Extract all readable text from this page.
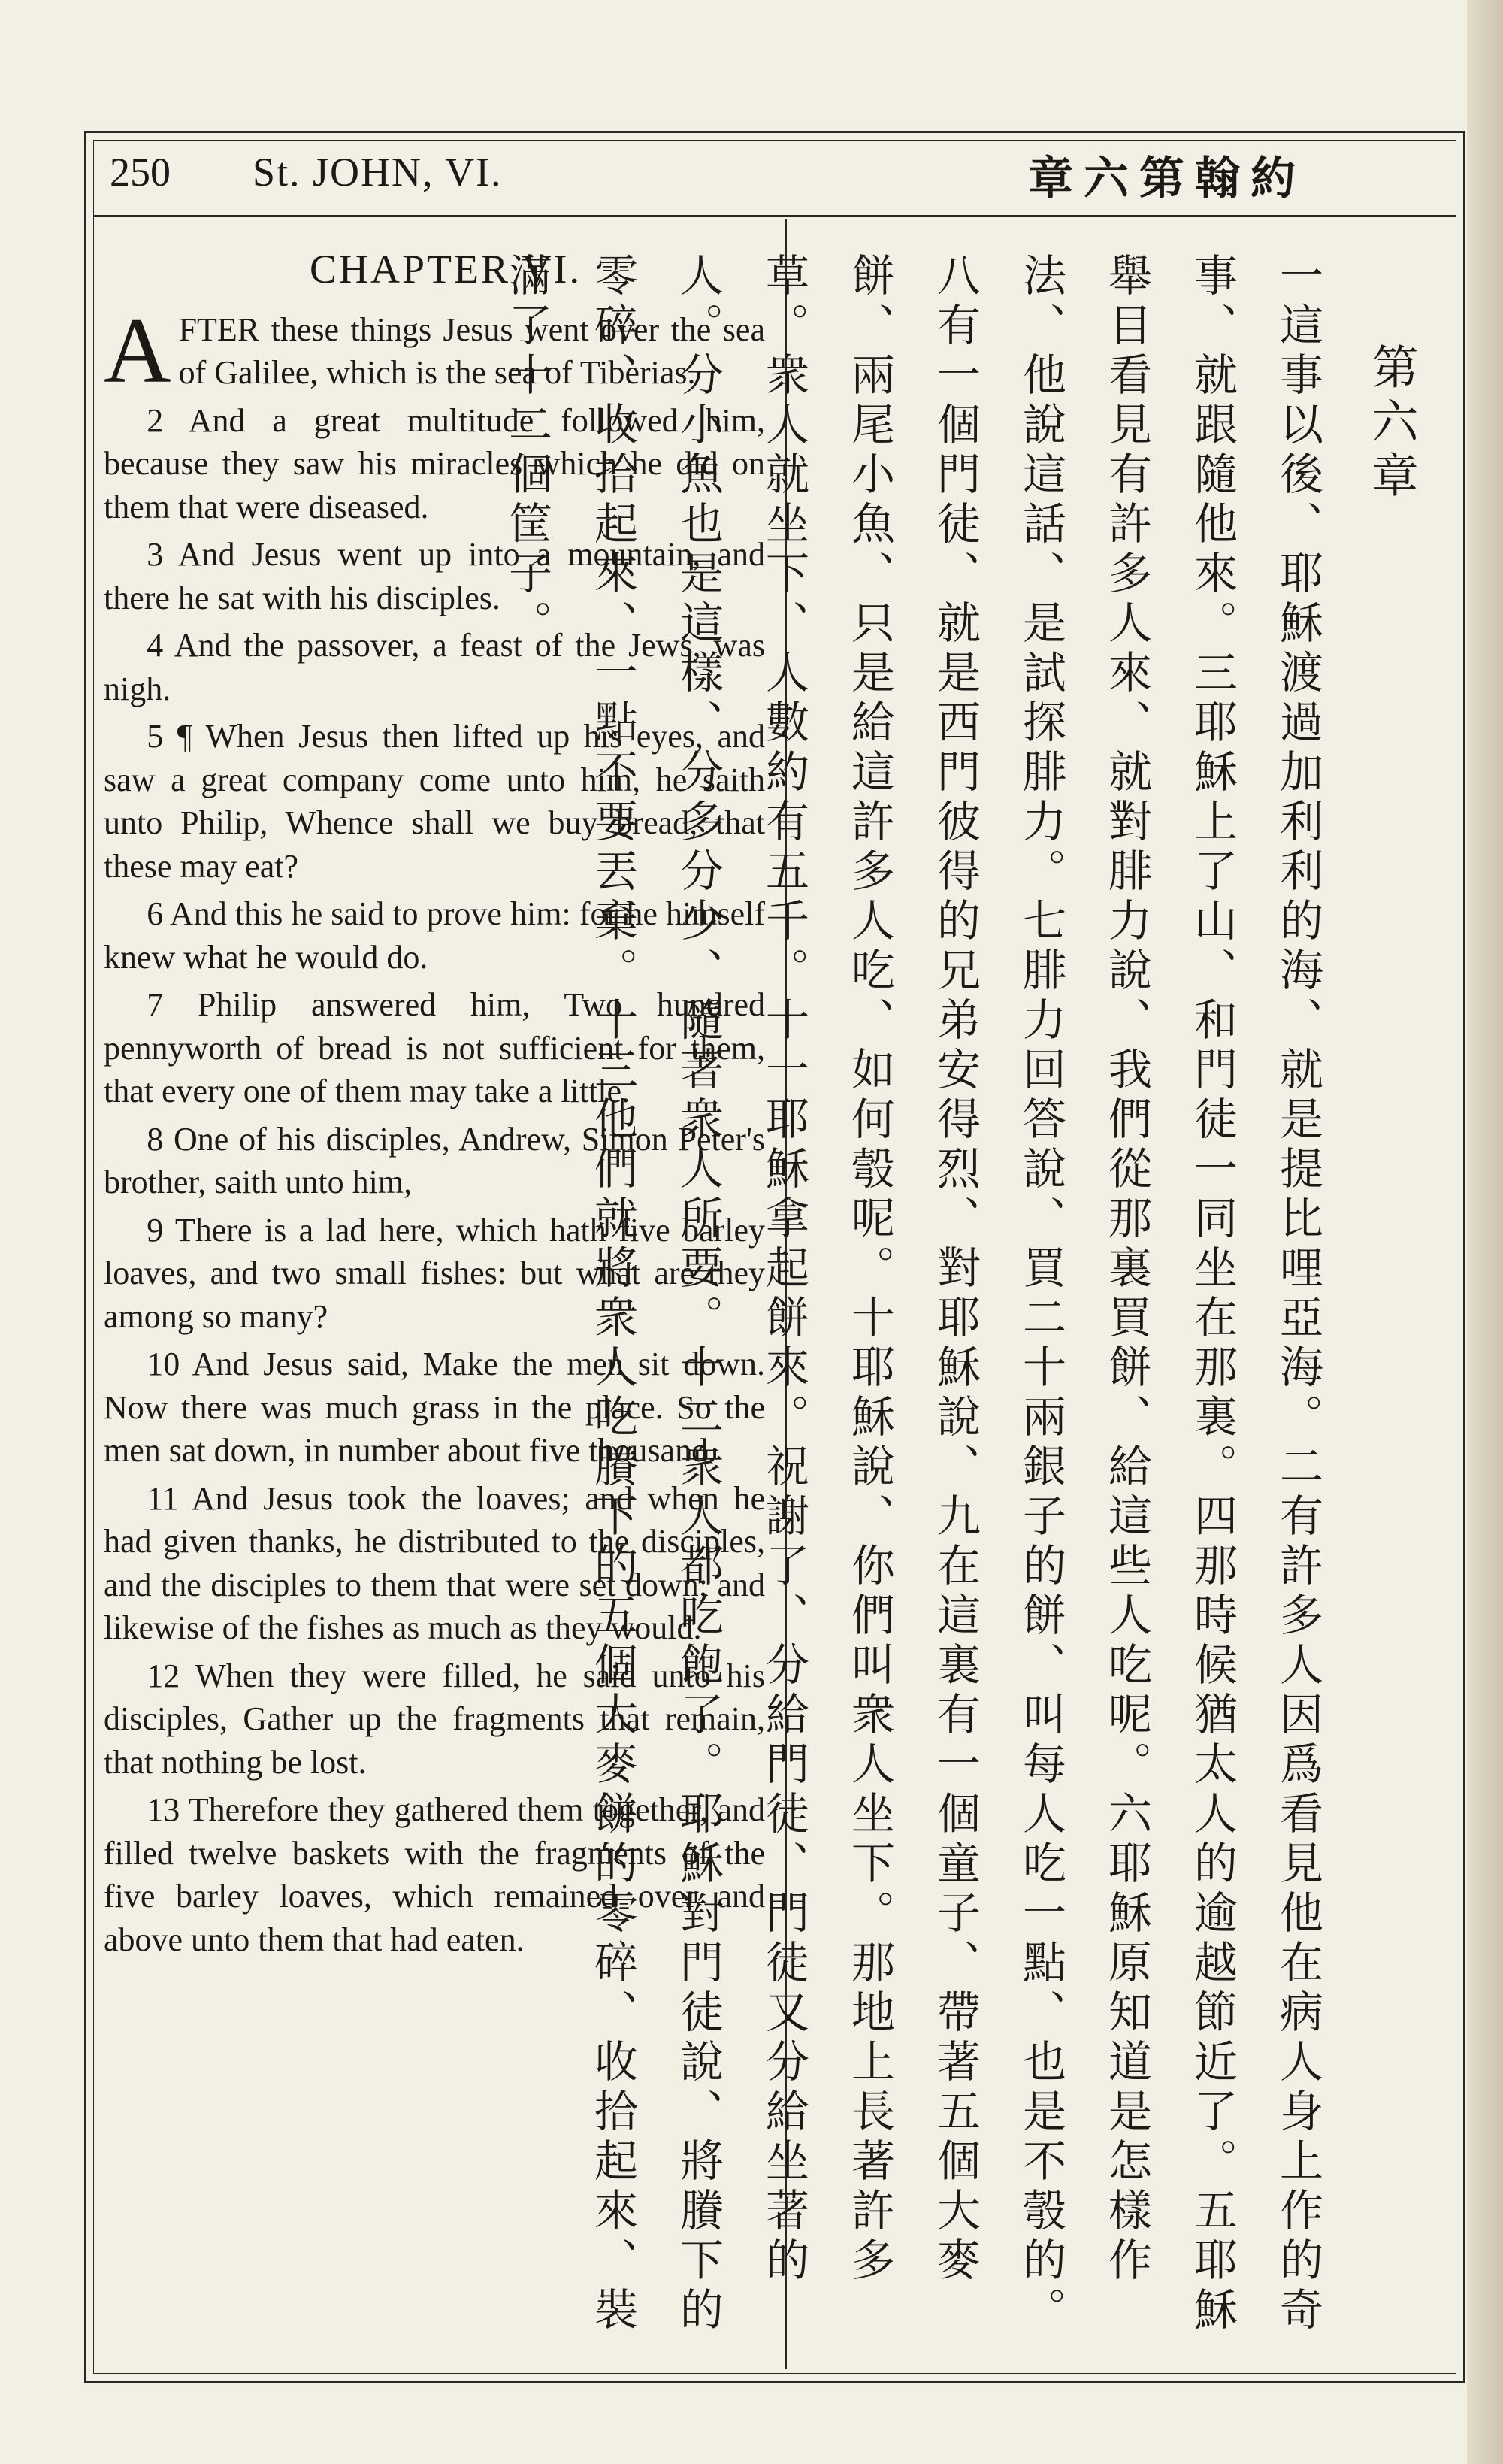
250 St. JOHN, VI.	約翰第六章
CHAPTER VI.

AFTER these things Jesus went over the sea of Galilee, which is the sea of Tiberias.

2 And a great multitude followed him, because they saw his miracles which he did on them that were diseased.

3 And Jesus went up into a mountain, and there he sat with his disciples.

4 And the passover, a feast of the Jews, was nigh.

5 ¶ When Jesus then lifted up his eyes, and saw a great company come unto him, he saith unto Philip, Whence shall we buy bread, that these may eat?

6 And this he said to prove him: for he himself knew what he would do.

7 Philip answered him, Two hundred pennyworth of bread is not sufficient for them, that every one of them may take a little.

8 One of his disciples, Andrew, Simon Peter's brother, saith unto him,

9 There is a lad here, which hath five barley loaves, and two small fishes: but what are they among so many?

10 And Jesus said, Make the men sit down. Now there was much grass in the place. So the men sat down, in number about five thousand.

11 And Jesus took the loaves; and when he had given thanks, he distributed to the disciples, and the disciples to them that were set down; and likewise of the fishes as much as they would.

12 When they were filled, he said unto his disciples, Gather up the fragments that remain, that nothing be lost.

13 Therefore they gathered them together, and filled twelve baskets with the fragments of the five barley loaves, which remained over and above unto them that had eaten.

第六章

一這事以後、耶穌渡過加利利的海、就是提比哩亞海。二有許多人因爲看見他在病人身上作的奇事、就跟隨他來。三耶穌上了山、和門徒一同坐在那裏。四那時候猶太人的逾越節近了。五耶穌舉目看見有許多人來、就對腓力說、我們從那裏買餅、給這些人吃呢。六耶穌原知道是怎樣作法、他說這話、是試探腓力。七腓力回答說、買二十兩銀子的餅、叫每人吃一點、也是不彀的。八有一個門徒、就是西門彼得的兄弟安得烈、對耶穌說、九在這裏有一個童子、帶著五個大麥餅、兩尾小魚、只是給這許多人吃、如何彀呢。十耶穌說、你們叫衆人坐下。那地上長著許多草。衆人就坐下、人數約有五千。十一耶穌拿起餅來。祝謝了、分給門徒、門徒又分給坐著的人。分小魚也是這樣、分多分少、隨著衆人所要。十二衆人都吃飽了。耶穌對門徒說、將賸下的零碎、收拾起來、一點不要丟棄。十三他們就將衆人吃賸下的五個大麥餅的零碎、收拾起來、裝滿了十二個筐子。
